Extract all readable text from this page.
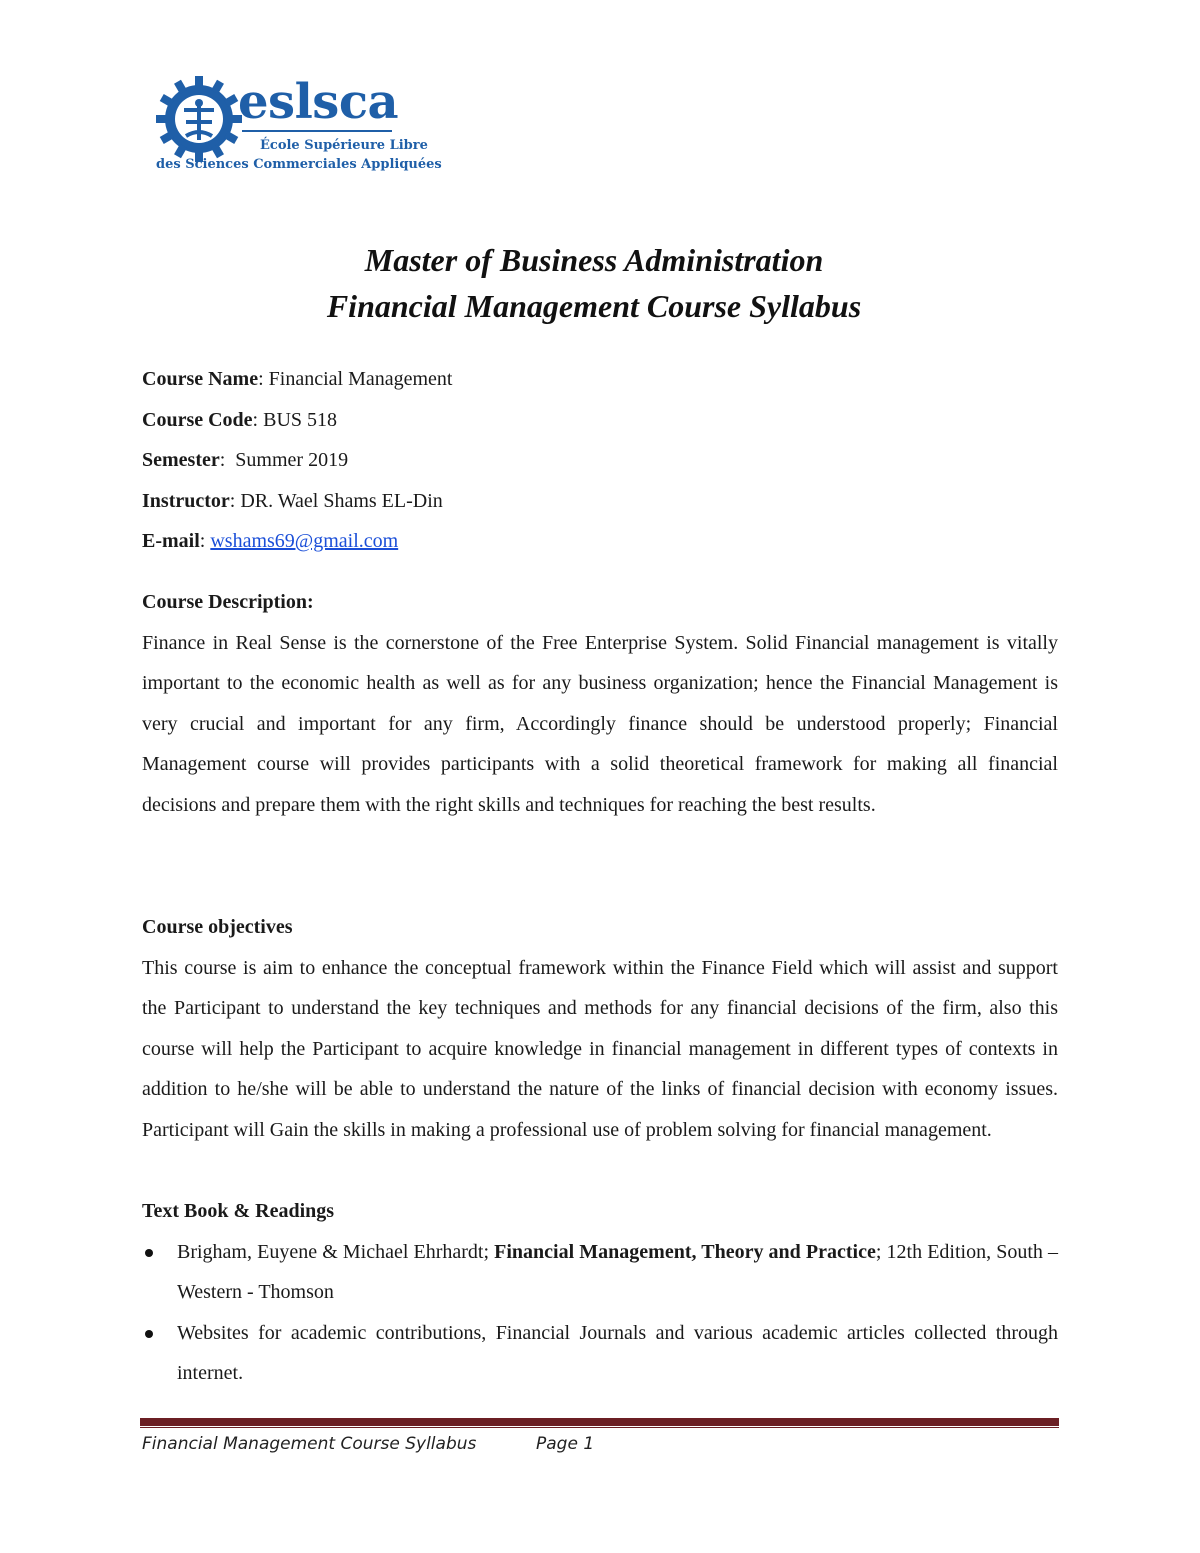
eslsca
École Supérieure Libre
des Sciences Commerciales Appliquées
Master of Business Administration
Financial Management Course Syllabus
Course Name: Financial Management
Course Code: BUS 518
Semester:  Summer 2019
Instructor: DR. Wael Shams EL-Din
E-mail: wshams69@gmail.com
Course Description:

Finance in Real Sense is the cornerstone of the Free Enterprise System. Solid Financial management is vitally important to the economic health as well as for any business organization; hence the Financial Management is very crucial and important for any firm, Accordingly finance should be understood properly; Financial Management course will provides participants with a solid theoretical framework for making all financial decisions and prepare them with the right skills and techniques for reaching the best results.

Course objectives

This course is aim to enhance the conceptual framework within the Finance Field which will assist and support the Participant to understand the key techniques and methods for any financial decisions of the firm, also this course will help the Participant to acquire knowledge in financial management in different types of contexts in addition to he/she will be able to understand the nature of the links of financial decision with economy issues. Participant will Gain the skills in making a professional use of problem solving for financial management.

Text Book & Readings
Brigham, Euyene & Michael Ehrhardt; Financial Management, Theory and Practice; 12th Edition, South – Western - Thomson
Websites for academic contributions, Financial Journals and various academic articles collected through internet.
Financial Management Course Syllabus	Page 1
